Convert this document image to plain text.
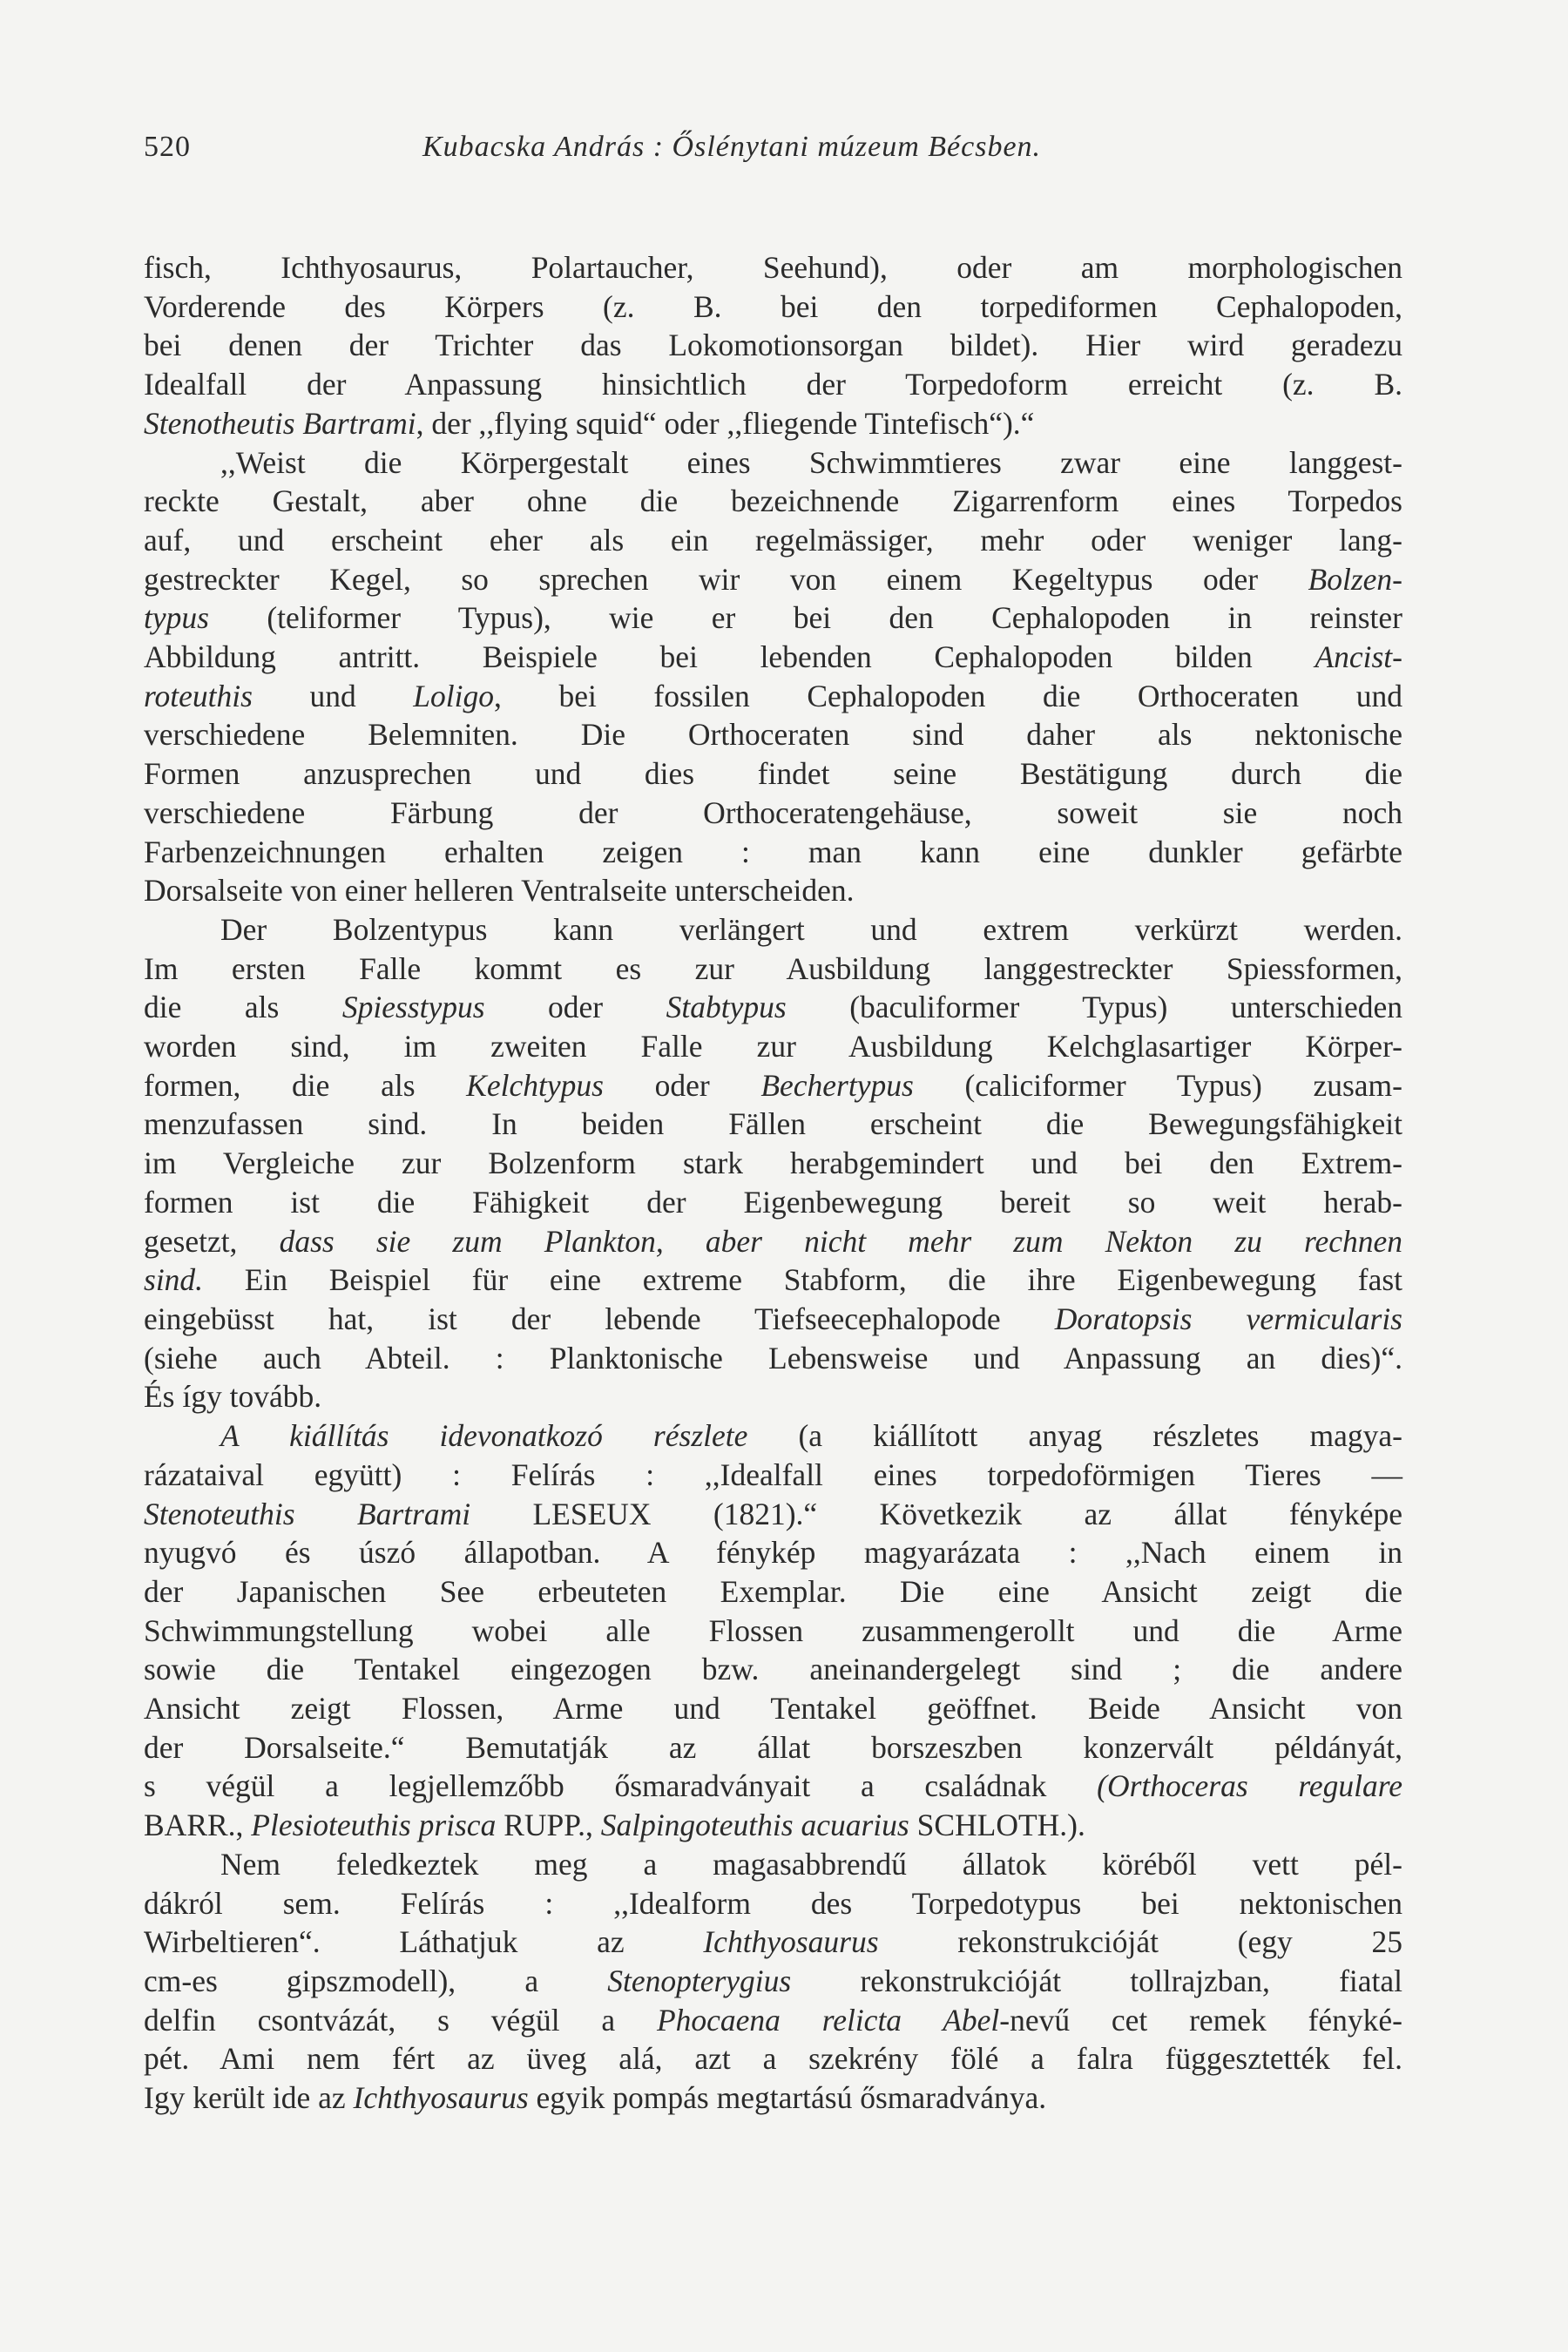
520	Kubacska András : Őslénytani múzeum Bécsben.

fisch, Ichthyosaurus, Polartaucher, Seehund), oder am morphologischen
Vorderende des Körpers (z. B. bei den torpediformen Cephalopoden,
bei denen der Trichter das Lokomotionsorgan bildet). Hier wird geradezu
Idealfall der Anpassung hinsichtlich der Torpedoform erreicht (z. B.
Stenotheutis Bartrami, der ,,flying squid“ oder ,,fliegende Tintefisch“).“

,,Weist die Körpergestalt eines Schwimmtieres zwar eine langgest-
reckte Gestalt, aber ohne die bezeichnende Zigarrenform eines Torpedos
auf, und erscheint eher als ein regelmässiger, mehr oder weniger lang-
gestreckter Kegel, so sprechen wir von einem Kegeltypus oder Bolzen-
typus (teliformer Typus), wie er bei den Cephalopoden in reinster
Abbildung antritt. Beispiele bei lebenden Cephalopoden bilden Ancist-
roteuthis und Loligo, bei fossilen Cephalopoden die Orthoceraten und
verschiedene Belemniten. Die Orthoceraten sind daher als nektonische
Formen anzusprechen und dies findet seine Bestätigung durch die
verschiedene Färbung der Orthoceratengehäuse, soweit sie noch
Farbenzeichnungen erhalten zeigen : man kann eine dunkler gefärbte
Dorsalseite von einer helleren Ventralseite unterscheiden.

Der Bolzentypus kann verlängert und extrem verkürzt werden.
Im ersten Falle kommt es zur Ausbildung langgestreckter Spiessformen,
die als Spiesstypus oder Stabtypus (baculiformer Typus) unterschieden
worden sind, im zweiten Falle zur Ausbildung Kelchglasartiger Körper-
formen, die als Kelchtypus oder Bechertypus (caliciformer Typus) zusam-
menzufassen sind. In beiden Fällen erscheint die Bewegungsfähigkeit
im Vergleiche zur Bolzenform stark herabgemindert und bei den Extrem-
formen ist die Fähigkeit der Eigenbewegung bereit so weit herab-
gesetzt, dass sie zum Plankton, aber nicht mehr zum Nekton zu rechnen
sind. Ein Beispiel für eine extreme Stabform, die ihre Eigenbewegung fast
eingebüsst hat, ist der lebende Tiefseecephalopode Doratopsis vermicularis
(siehe auch Abteil. : Planktonische Lebensweise und Anpassung an dies)“.
És így tovább.

A kiállítás idevonatkozó részlete (a kiállított anyag részletes magya-
rázataival együtt) : Felírás : ,,Idealfall eines torpedoförmigen Tieres —
Stenoteuthis Bartrami LESEUX (1821).“ Következik az állat fényképe
nyugvó és úszó állapotban. A fénykép magyarázata : ,,Nach einem in
der Japanischen See erbeuteten Exemplar. Die eine Ansicht zeigt die
Schwimmungstellung wobei alle Flossen zusammengerollt und die Arme
sowie die Tentakel eingezogen bzw. aneinandergelegt sind ; die andere
Ansicht zeigt Flossen, Arme und Tentakel geöffnet. Beide Ansicht von
der Dorsalseite.“ Bemutatják az állat borszeszben konzervált példányát,
s végül a legjellemzőbb ősmaradványait a családnak (Orthoceras regulare
BARR., Plesioteuthis prisca RUPP., Salpingoteuthis acuarius SCHLOTH.).

Nem feledkeztek meg a magasabbrendű állatok köréből vett pél-
dákról sem. Felírás : ,,Idealform des Torpedotypus bei nektonischen
Wirbeltieren“. Láthatjuk az Ichthyosaurus rekonstrukcióját (egy 25
cm-es gipszmodell), a Stenopterygius rekonstrukcióját tollrajzban, fiatal
delfin csontvázát, s végül a Phocaena relicta Abel-nevű cet remek fényké-
pét. Ami nem fért az üveg alá, azt a szekrény fölé a falra függesztették fel.
Igy került ide az Ichthyosaurus egyik pompás megtartású ősmaradványa.
